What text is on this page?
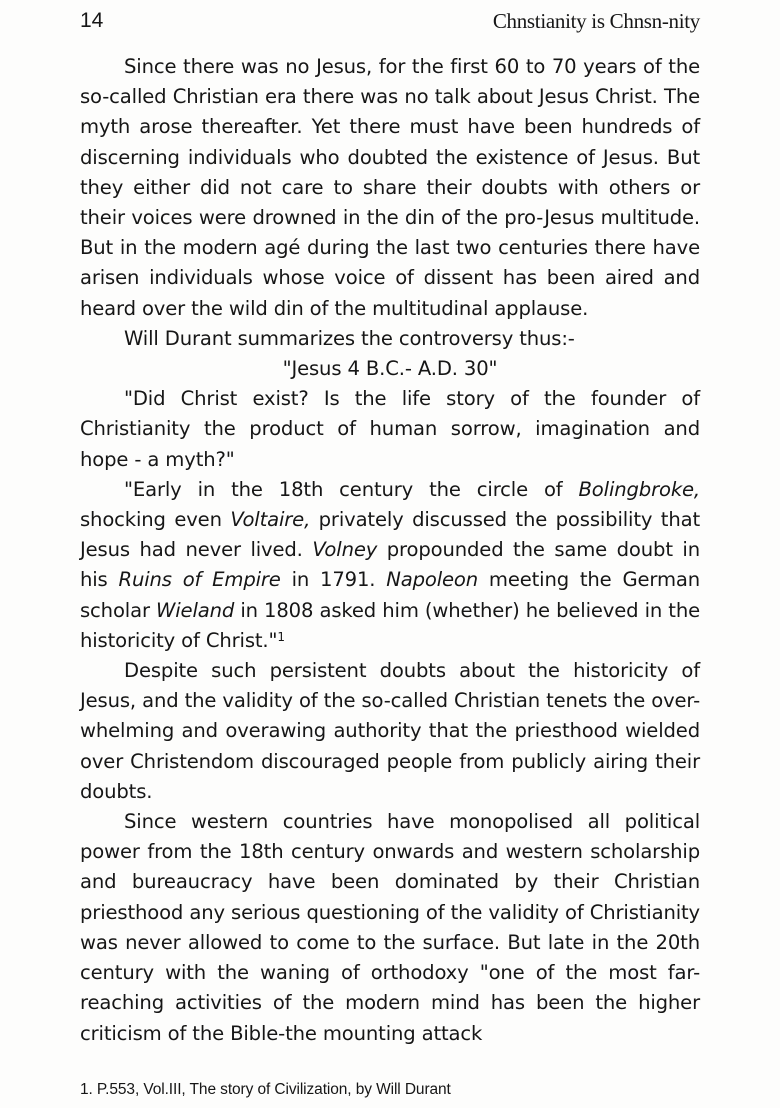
14	Chnstianity is Chnsn-nity

Since there was no Jesus, for the first 60 to 70 years of the so-called Christian era there was no talk about Jesus Christ. The myth arose thereafter. Yet there must have been hundreds of discerning individuals who doubted the existence of Jesus. But they either did not care to share their doubts with others or their voices were drowned in the din of the pro-Jesus multitude. But in the modern agé during the last two centuries there have arisen individuals whose voice of dissent has been aired and heard over the wild din of the multitudinal applause.

Will Durant summarizes the controversy thus:-

"Jesus 4 B.C.- A.D. 30"

"Did Christ exist? Is the life story of the founder of Christianity the product of human sorrow, imagination and hope - a myth?"

"Early in the 18th century the circle of Bolingbroke, shocking even Voltaire, privately discussed the possibility that Jesus had never lived. Volney propounded the same doubt in his Ruins of Empire in 1791. Napoleon meeting the German scholar Wieland in 1808 asked him (whether) he believed in the historicity of Christ."$^1$

Despite such persistent doubts about the historicity of Jesus, and the validity of the so-called Christian tenets the over-whelming and overawing authority that the priesthood wielded over Christendom discouraged people from publicly airing their doubts.

Since western countries have monopolised all political power from the 18th century onwards and western scholarship and bureaucracy have been dominated by their Christian priesthood any serious questioning of the validity of Christianity was never allowed to come to the surface. But late in the 20th century with the waning of orthodoxy "one of the most far-reaching activities of the modern mind has been the higher criticism of the Bible-the mounting attack

1. P.553, Vol.III, The story of Civilization, by Will Durant
